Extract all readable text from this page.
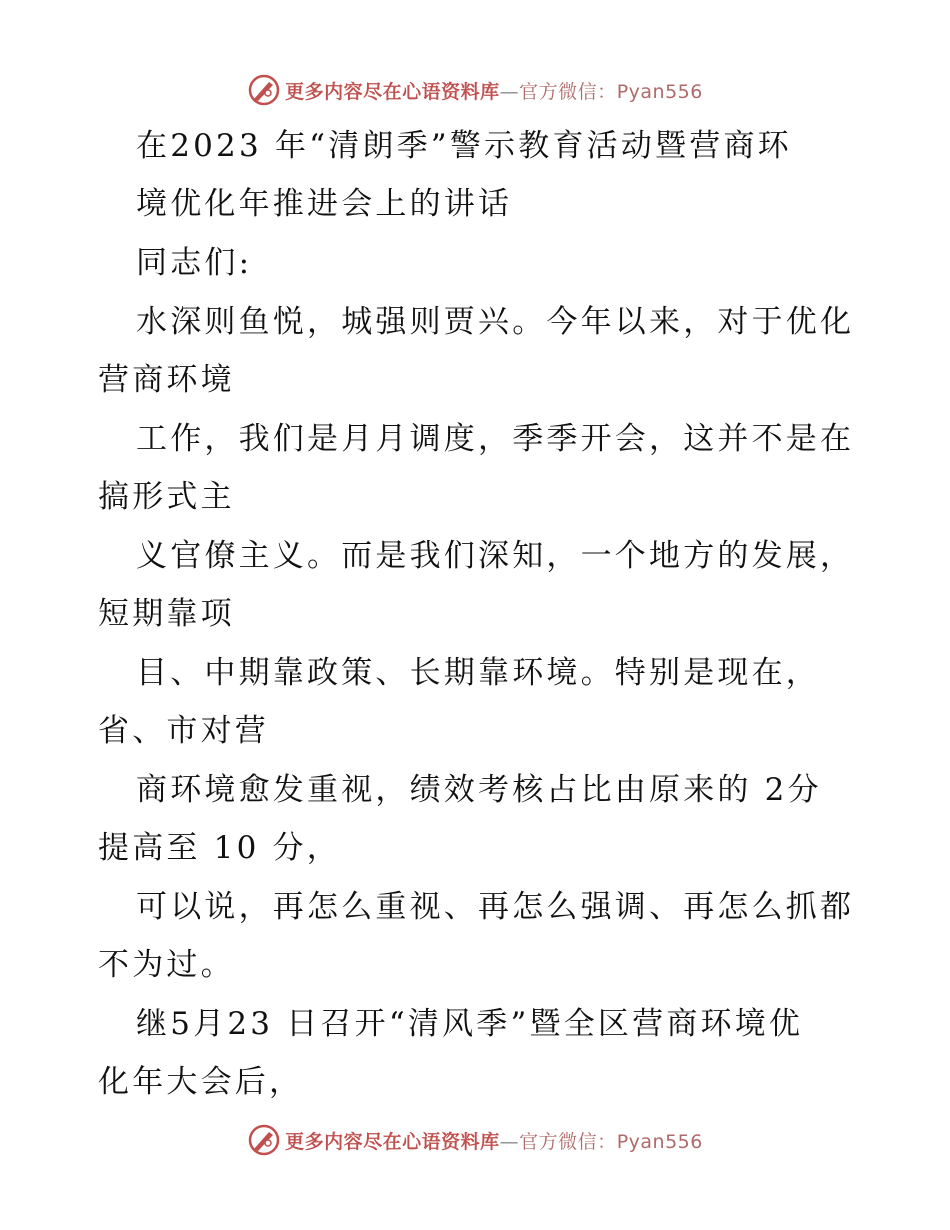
更多内容尽在心语资料库—官方微信：Pyan556
在2023 年“清朗季”警示教育活动暨营商环
境优化年推进会上的讲话
同志们:
水深则鱼悦，城强则贾兴。今年以来，对于优化
营商环境
工作，我们是月月调度，季季开会，这并不是在
搞形式主
义官僚主义。而是我们深知，一个地方的发展，
短期靠项
目、中期靠政策、长期靠环境。特别是现在，
省、市对营
商环境愈发重视，绩效考核占比由原来的 2分
提高至 10 分，
可以说，再怎么重视、再怎么强调、再怎么抓都
不为过。
继5月23 日召开“清风季”暨全区营商环境优
化年大会后，
更多内容尽在心语资料库—官方微信：Pyan556
